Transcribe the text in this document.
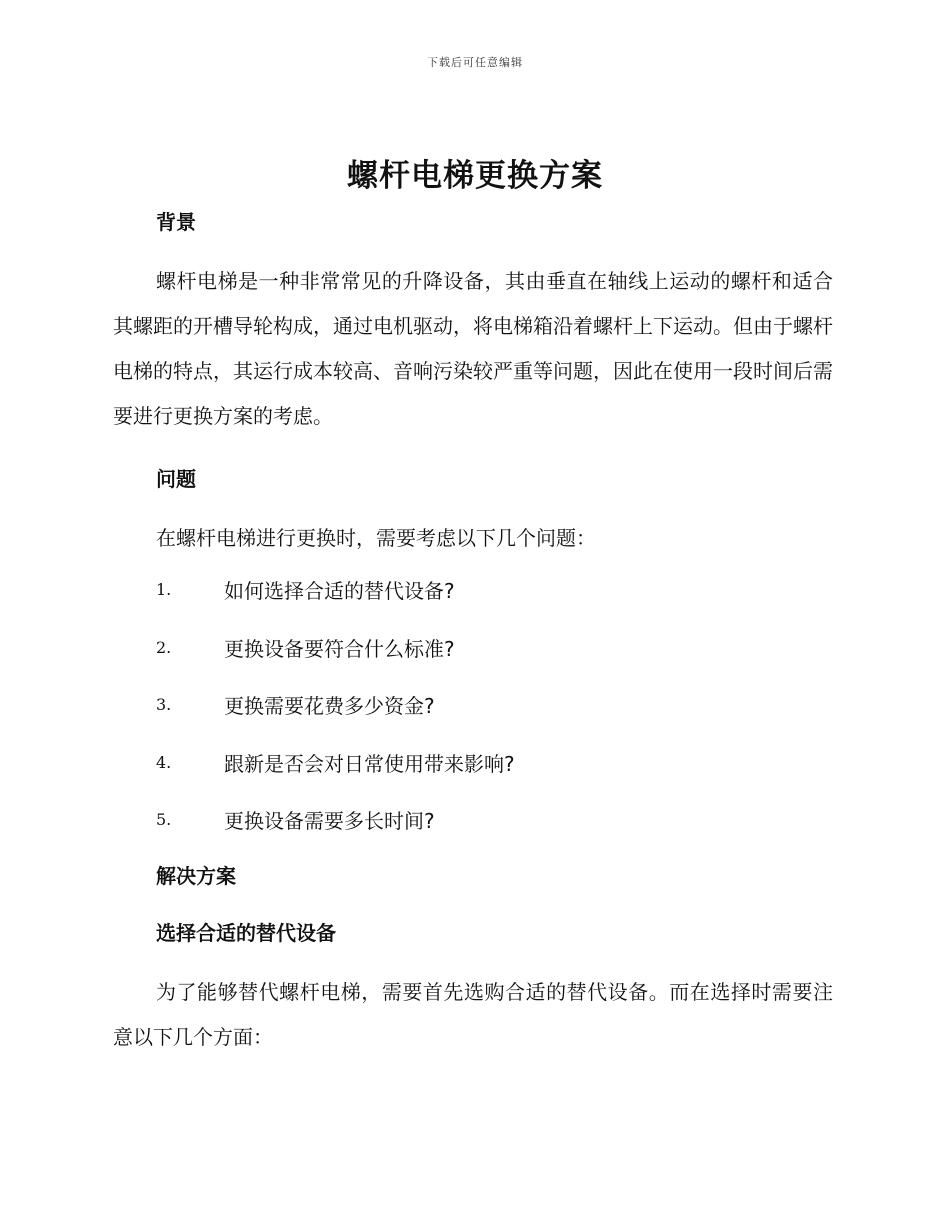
下载后可任意编辑
螺杆电梯更换方案
背景

螺杆电梯是一种非常常见的升降设备，其由垂直在轴线上运动的螺杆和适合其螺距的开槽导轮构成，通过电机驱动，将电梯箱沿着螺杆上下运动。但由于螺杆电梯的特点，其运行成本较高、音响污染较严重等问题，因此在使用一段时间后需要进行更换方案的考虑。

问题

在螺杆电梯进行更换时，需要考虑以下几个问题：

1.	如何选择合适的替代设备?
2.	更换设备要符合什么标准?
3.	更换需要花费多少资金?
4.	跟新是否会对日常使用带来影响?
5.	更换设备需要多长时间?
解决方案
选择合适的替代设备

为了能够替代螺杆电梯，需要首先选购合适的替代设备。而在选择时需要注意以下几个方面：
